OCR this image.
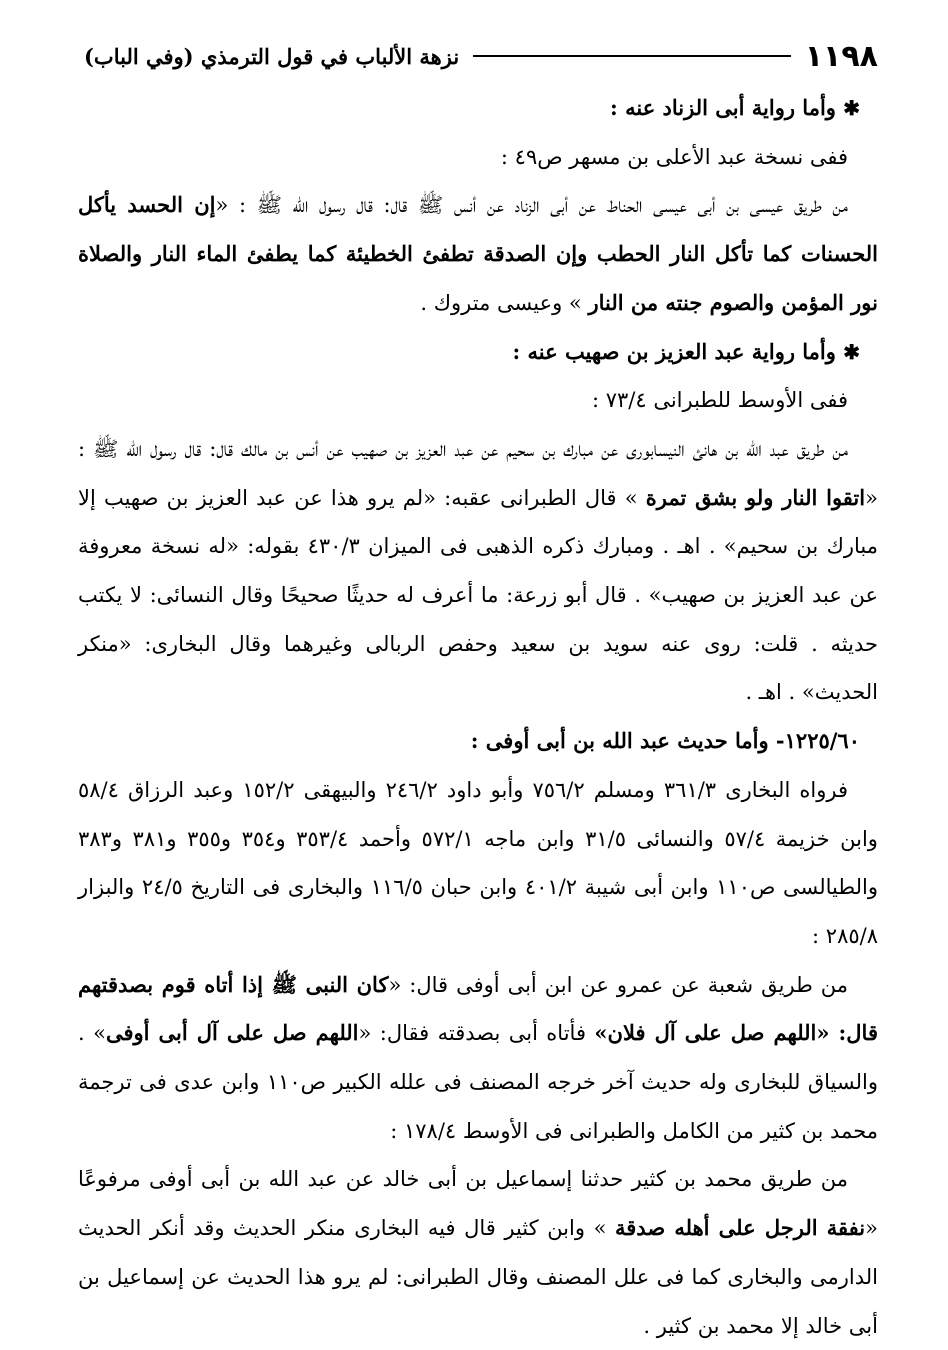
١١٩٨
نزهة الألباب في قول الترمذي (وفي الباب)

✱ وأما رواية أبى الزناد عنه :

ففى نسخة عبد الأعلى بن مسهر ص٤٩ :

من طريق عيسى بن أبى عيسى الحناط عن أبى الزناد عن أنس ﷺ قال: قال رسول الله ﷺ : «إن الحسد يأكل الحسنات كما تأكل النار الحطب وإن الصدقة تطفئ الخطيئة كما يطفئ الماء النار والصلاة نور المؤمن والصوم جنته من النار » وعيسى متروك .

✱ وأما رواية عبد العزيز بن صهيب عنه :

ففى الأوسط للطبرانى ٧٣/٤ :

من طريق عبد الله بن هانئ النيسابورى عن مبارك بن سحيم عن عبد العزيز بن صهيب عن أنس بن مالك قال: قال رسول الله ﷺ : «اتقوا النار ولو بشق تمرة » قال الطبرانى عقبه: «لم يرو هذا عن عبد العزيز بن صهيب إلا مبارك بن سحيم» . اهـ . ومبارك ذكره الذهبى فى الميزان ٤٣٠/٣ بقوله: «له نسخة معروفة عن عبد العزيز بن صهيب» . قال أبو زرعة: ما أعرف له حديثًا صحيحًا وقال النسائى: لا يكتب حديثه . قلت: روى عنه سويد بن سعيد وحفص الربالى وغيرهما وقال البخارى: «منكر الحديث» . اهـ .

١٢٢٥/٦٠- وأما حديث عبد الله بن أبى أوفى :

فرواه البخارى ٣٦١/٣ ومسلم ٧٥٦/٢ وأبو داود ٢٤٦/٢ والبيهقى ١٥٢/٢ وعبد الرزاق ٥٨/٤ وابن خزيمة ٥٧/٤ والنسائى ٣١/٥ وابن ماجه ٥٧٢/١ وأحمد ٣٥٣/٤ و٣٥٤ و٣٥٥ و٣٨١ و٣٨٣ والطيالسى ص١١٠ وابن أبى شيبة ٤٠١/٢ وابن حبان ١١٦/٥ والبخارى فى التاريخ ٢٤/٥ والبزار ٢٨٥/٨ :

من طريق شعبة عن عمرو عن ابن أبى أوفى قال: «كان النبى ﷺ إذا أتاه قوم بصدقتهم قال: «اللهم صل على آل فلان» فأتاه أبى بصدقته فقال: «اللهم صل على آل أبى أوفى» . والسياق للبخارى وله حديث آخر خرجه المصنف فى علله الكبير ص١١٠ وابن عدى فى ترجمة محمد بن كثير من الكامل والطبرانى فى الأوسط ١٧٨/٤ :

من طريق محمد بن كثير حدثنا إسماعيل بن أبى خالد عن عبد الله بن أبى أوفى مرفوعًا «نفقة الرجل على أهله صدقة » وابن كثير قال فيه البخارى منكر الحديث وقد أنكر الحديث الدارمى والبخارى كما فى علل المصنف وقال الطبرانى: لم يرو هذا الحديث عن إسماعيل بن أبى خالد إلا محمد بن كثير .
